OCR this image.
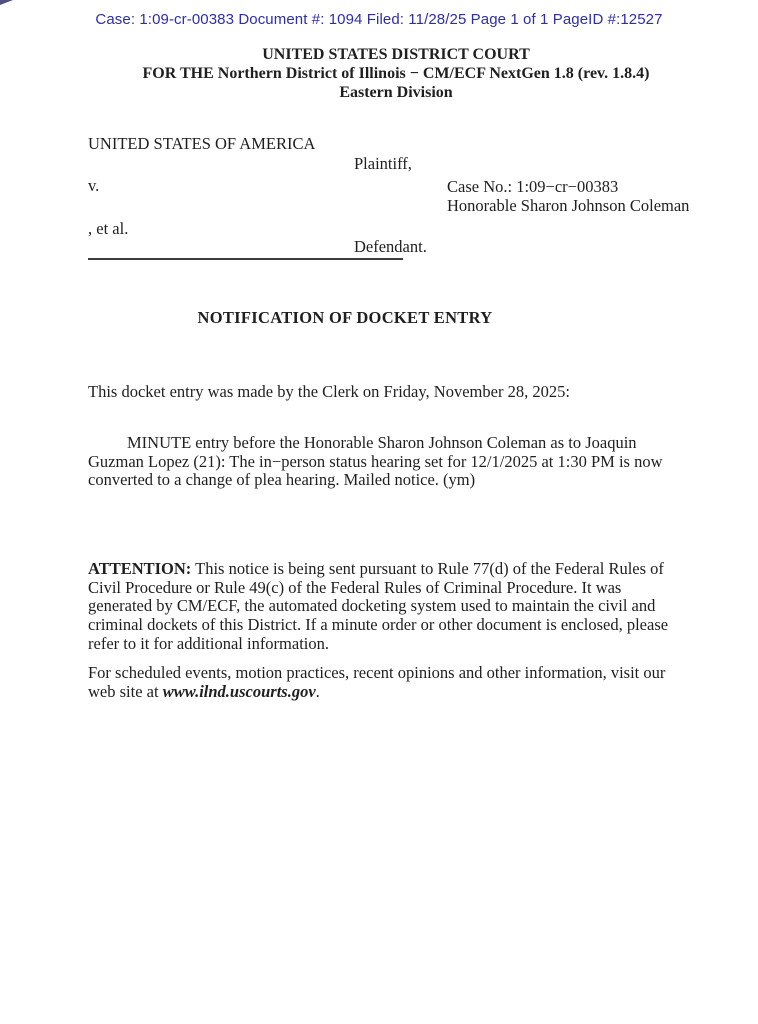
Case: 1:09-cr-00383 Document #: 1094 Filed: 11/28/25 Page 1 of 1 PageID #:12527
UNITED STATES DISTRICT COURT
FOR THE Northern District of Illinois − CM/ECF NextGen 1.8 (rev. 1.8.4)
Eastern Division
UNITED STATES OF AMERICA
Plaintiff,
v.	Case No.: 1:09−cr−00383
Honorable Sharon Johnson Coleman
, et al.
Defendant.
NOTIFICATION OF DOCKET ENTRY
This docket entry was made by the Clerk on Friday, November 28, 2025:
MINUTE entry before the Honorable Sharon Johnson Coleman as to Joaquin
Guzman Lopez (21): The in−person status hearing set for 12/1/2025 at 1:30 PM is now
converted to a change of plea hearing. Mailed notice. (ym)
ATTENTION: This notice is being sent pursuant to Rule 77(d) of the Federal Rules of
Civil Procedure or Rule 49(c) of the Federal Rules of Criminal Procedure. It was
generated by CM/ECF, the automated docketing system used to maintain the civil and
criminal dockets of this District. If a minute order or other document is enclosed, please
refer to it for additional information.
For scheduled events, motion practices, recent opinions and other information, visit our
web site at www.ilnd.uscourts.gov.
